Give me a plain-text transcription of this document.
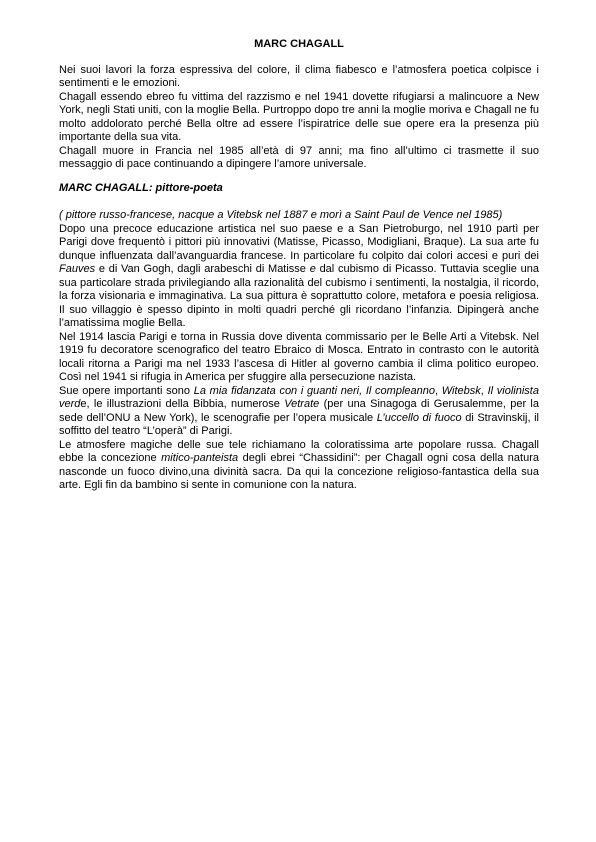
MARC CHAGALL

Nei suoi lavori la forza espressiva del colore, il clima fiabesco e l’atmosfera poetica colpisce i sentimenti e le emozioni.

Chagall essendo ebreo fu vittima del razzismo e nel 1941 dovette rifugiarsi a malincuore a New York, negli Stati uniti, con la moglie Bella. Purtroppo dopo tre anni la moglie moriva e Chagall ne fu molto addolorato perché Bella oltre ad essere l’ispiratrice delle sue opere era la presenza più importante della sua vita.

Chagall muore in Francia nel 1985 all’età di 97 anni; ma fino all’ultimo ci trasmette il suo messaggio di pace continuando a dipingere l’amore universale.

MARC CHAGALL: pittore-poeta

( pittore russo-francese, nacque a Vitebsk nel 1887 e morì a Saint Paul de Vence nel 1985)

Dopo una precoce educazione artistica nel suo paese e a San Pietroburgo, nel 1910 partì per Parigi dove frequentò i pittori più innovativi (Matisse, Picasso, Modigliani, Braque). La sua arte fu dunque influenzata dall’avanguardia francese. In particolare fu colpito dai colori accesi e puri dei Fauves e di Van Gogh, dagli arabeschi di Matisse e dal cubismo di Picasso. Tuttavia sceglie una sua particolare strada privilegiando alla razionalità del cubismo i sentimenti, la nostalgia, il ricordo, la forza visionaria e immaginativa. La sua pittura è soprattutto colore, metafora e poesia religiosa. Il suo villaggio è spesso dipinto in molti quadri perché gli ricordano l’infanzia. Dipingerà anche l’amatissima moglie Bella.

Nel 1914 lascia Parigi e torna in Russia dove diventa commissario per le Belle Arti a Vitebsk. Nel 1919 fu decoratore scenografico del teatro Ebraico di Mosca. Entrato in contrasto con le autorità locali ritorna a Parigi ma nel 1933 l’ascesa di Hitler al governo cambia il clima politico europeo. Così nel 1941 si rifugia in America per sfuggire alla persecuzione nazista.

Sue opere importanti sono La mia fidanzata con i guanti neri, Il compleanno, Witebsk, Il violinista verde, le illustrazioni della Bibbia, numerose Vetrate (per una Sinagoga di Gerusalemme, per la sede dell’ONU a New York), le scenografie per l’opera musicale L’uccello di fuoco di Stravinskij, il soffitto del teatro “L’operà” di Parigi.

Le atmosfere magiche delle sue tele richiamano la coloratissima arte popolare russa. Chagall ebbe la concezione mitico-panteista degli ebrei “Chassidini”: per Chagall ogni cosa della natura nasconde un fuoco divino,una divinità sacra. Da qui la concezione religioso-fantastica della sua arte. Egli fin da bambino si sente in comunione con la natura.
